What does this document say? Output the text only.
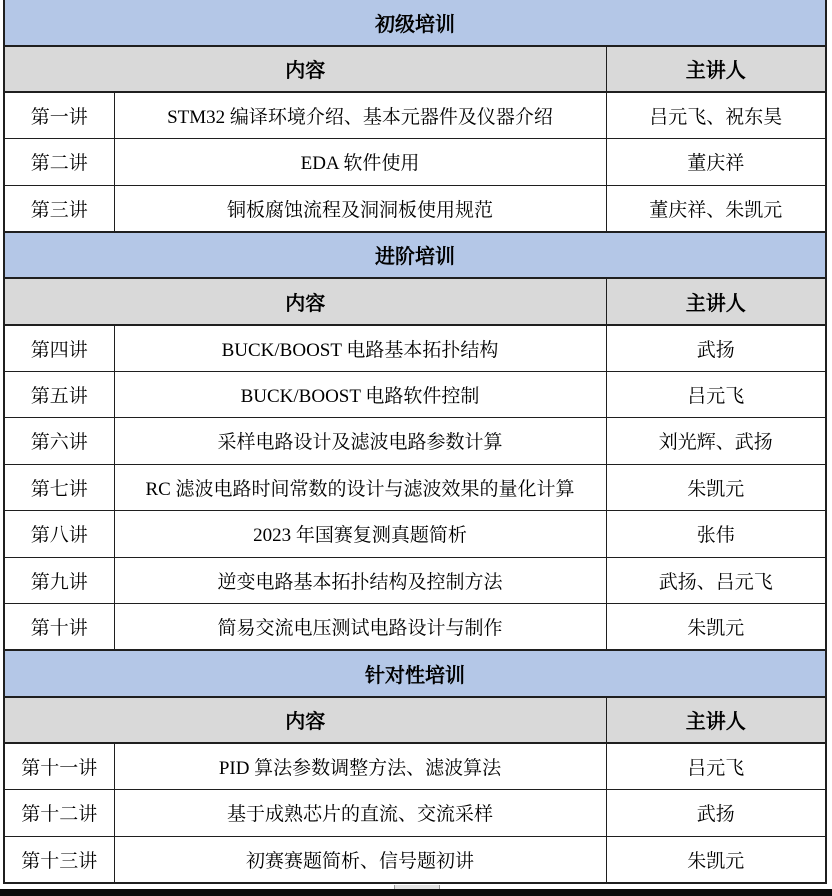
初级培训		
内容		主讲人
第一讲	STM32 编译环境介绍、基本元器件及仪器介绍	吕元飞、祝东昊
第二讲	EDA 软件使用	董庆祥
第三讲	铜板腐蚀流程及洞洞板使用规范	董庆祥、朱凯元
进阶培训		
内容		主讲人
第四讲	BUCK/BOOST 电路基本拓扑结构	武扬
第五讲	BUCK/BOOST 电路软件控制	吕元飞
第六讲	采样电路设计及滤波电路参数计算	刘光辉、武扬
第七讲	RC 滤波电路时间常数的设计与滤波效果的量化计算	朱凯元
第八讲	2023 年国赛复测真题简析	张伟
第九讲	逆变电路基本拓扑结构及控制方法	武扬、吕元飞
第十讲	简易交流电压测试电路设计与制作	朱凯元
针对性培训		
内容		主讲人
第十一讲	PID 算法参数调整方法、滤波算法	吕元飞
第十二讲	基于成熟芯片的直流、交流采样	武扬
第十三讲	初赛赛题简析、信号题初讲	朱凯元
